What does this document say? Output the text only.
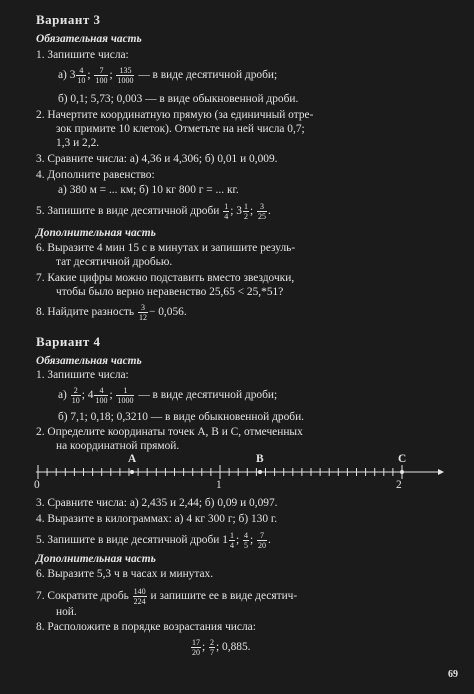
Вариант 3
Обязательная часть
1. Запишите числа:
а) $3 \frac{4}{10}$ ; $\frac{7}{100}$ ; $\frac{135}{1000}$ — в виде десятичной дроби;
б) 0,1; 5,73; 0,003 — в виде обыкновенной дроби.
2. Начертите координатную прямую (за единичный отре-
зок примите 10 клеток). Отметьте на ней числа 0,7;
1,3 и 2,2.
3. Сравните числа: а) 4,36 и 4,306; б) 0,01 и 0,009.
4. Дополните равенство:
а) 380 м = ... км; б) 10 кг 800 г = ... кг.
5. Запишите в виде десятичной дроби $\frac{1}{4}$ ; $3 \frac{1}{2}$ ; $\frac{3}{25}$ .
Дополнительная часть
6. Выразите 4 мин 15 с в минутах и запишите резуль-
тат десятичной дробью.
7. Какие цифры можно подставить вместо звездочки,
чтобы было верно неравенство 25,65 < 25,*51?
8. Найдите разность $\frac{3}{12} - 0,056$.
Вариант 4
Обязательная часть
1. Запишите числа:
$а) \frac{2}{10}$ ; $4 \frac{4}{100}$ ; $\frac{1}{1000}$ — в виде десятичной дроби;
б) 7,1; 0,18; 0,3210 — в виде обыкновенной дроби.
2. Определите координаты точек А, В и С, отмеченных
на координатной прямой.
A	B	C
0	1	2
3. Сравните числа: а) 2,435 и 2,44; б) 0,09 и 0,097.
4. Выразите в килограммах: а) 4 кг 300 г; б) 130 г.
5. Запишите в виде десятичной дроби $1 \frac{1}{4}$ ; $\frac{4}{5}$ ; $\frac{7}{20}$ .
Дополнительная часть
6. Выразите 5,3 ч в часах и минутах.
7. Сократите дробь $\frac{140}{224}$ и запишите ее в виде десятич-
ной.
8. Расположите в порядке возрастания числа:
$\frac{17}{20}$ ; $\frac{2}{7}$ ; 0,885.
69
